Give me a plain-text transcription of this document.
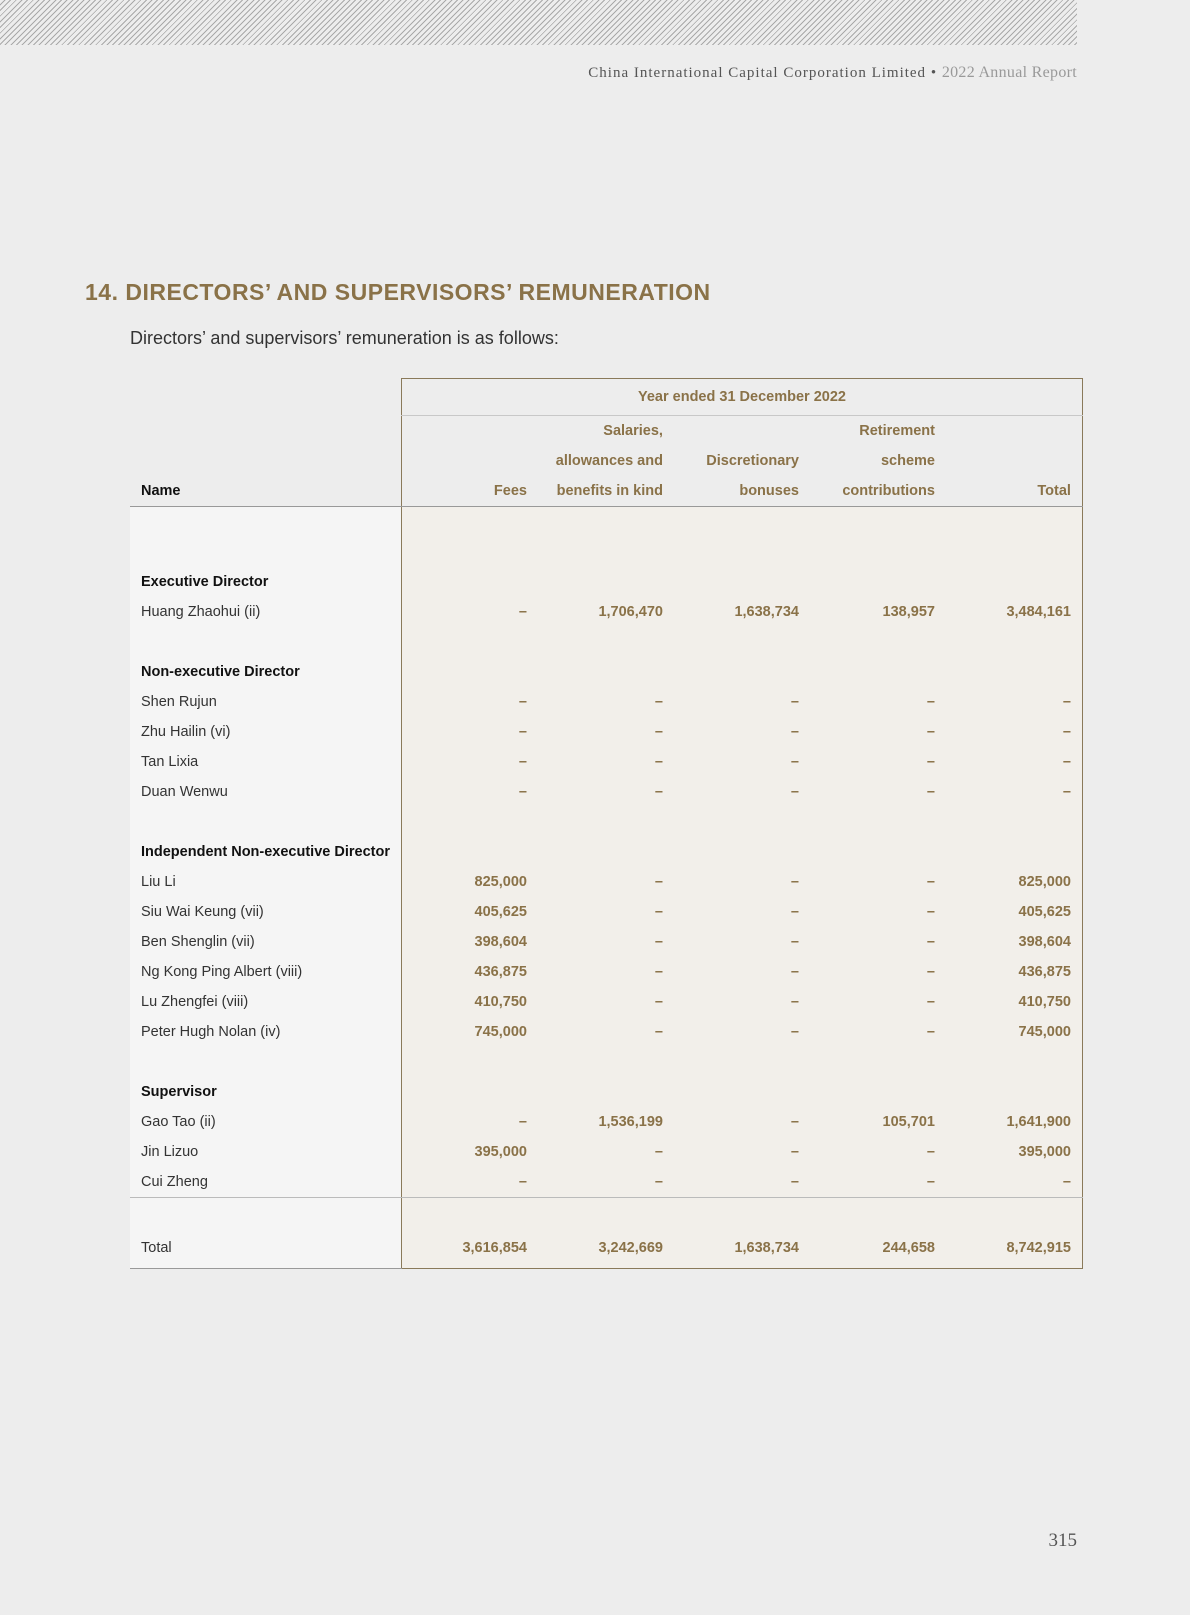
China International Capital Corporation Limited • 2022 Annual Report
14. DIRECTORS’ AND SUPERVISORS’ REMUNERATION
Directors’ and supervisors’ remuneration is as follows:
	Year ended 31 December 2022				
		Salaries,		Retirement	
		allowances and	Discretionary	scheme	
Name	Fees	benefits in kind	bonuses	contributions	Total

Executive Director					
Huang Zhaohui (ii)	–	1,706,470	1,638,734	138,957	3,484,161

Non-executive Director					
Shen Rujun	–	–	–	–	–
Zhu Hailin (vi)	–	–	–	–	–
Tan Lixia	–	–	–	–	–
Duan Wenwu	–	–	–	–	–

Independent Non-executive Director					
Liu Li	825,000	–	–	–	825,000
Siu Wai Keung (vii)	405,625	–	–	–	405,625
Ben Shenglin (vii)	398,604	–	–	–	398,604
Ng Kong Ping Albert (viii)	436,875	–	–	–	436,875
Lu Zhengfei (viii)	410,750	–	–	–	410,750
Peter Hugh Nolan (iv)	745,000	–	–	–	745,000

Supervisor					
Gao Tao (ii)	–	1,536,199	–	105,701	1,641,900
Jin Lizuo	395,000	–	–	–	395,000
Cui Zheng	–	–	–	–	–

Total	3,616,854	3,242,669	1,638,734	244,658	8,742,915
315
